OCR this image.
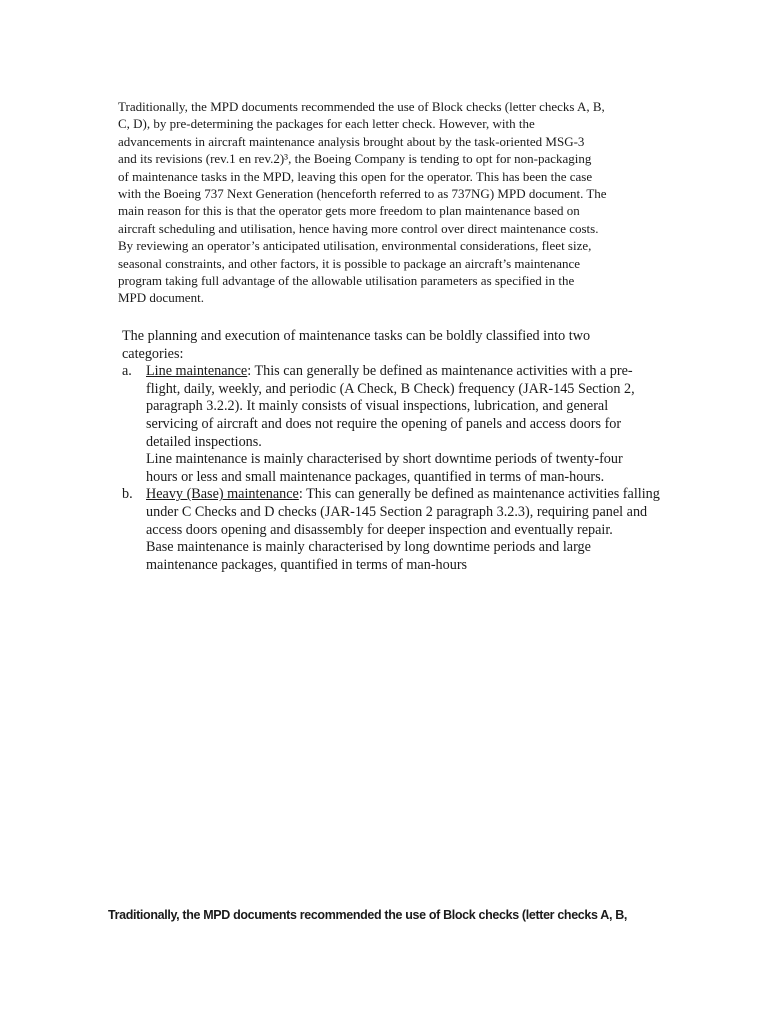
Traditionally, the MPD documents recommended the use of Block checks (letter checks A, B,
C, D), by pre-determining the packages for each letter check. However, with the
advancements in aircraft maintenance analysis brought about by the task-oriented MSG-3
and its revisions (rev.1 en rev.2)³, the Boeing Company is tending to opt for non-packaging
of maintenance tasks in the MPD, leaving this open for the operator. This has been the case
with the Boeing 737 Next Generation (henceforth referred to as 737NG) MPD document. The
main reason for this is that the operator gets more freedom to plan maintenance based on
aircraft scheduling and utilisation, hence having more control over direct maintenance costs.
By reviewing an operator’s anticipated utilisation, environmental considerations, fleet size,
seasonal constraints, and other factors, it is possible to package an aircraft’s maintenance
program taking full advantage of the allowable utilisation parameters as specified in the
MPD document.
The planning and execution of maintenance tasks can be boldly classified into two
categories:
a. Line maintenance: This can generally be defined as maintenance activities with a pre-
flight, daily, weekly, and periodic (A Check, B Check) frequency (JAR-145 Section 2,
paragraph 3.2.2). It mainly consists of visual inspections, lubrication, and general
servicing of aircraft and does not require the opening of panels and access doors for
detailed inspections.
Line maintenance is mainly characterised by short downtime periods of twenty-four
hours or less and small maintenance packages, quantified in terms of man-hours.
b. Heavy (Base) maintenance: This can generally be defined as maintenance activities falling
under C Checks and D checks (JAR-145 Section 2 paragraph 3.2.3), requiring panel and
access doors opening and disassembly for deeper inspection and eventually repair.
Base maintenance is mainly characterised by long downtime periods and large
maintenance packages, quantified in terms of man-hours
Traditionally, the MPD documents recommended the use of Block checks (letter checks A, B,
